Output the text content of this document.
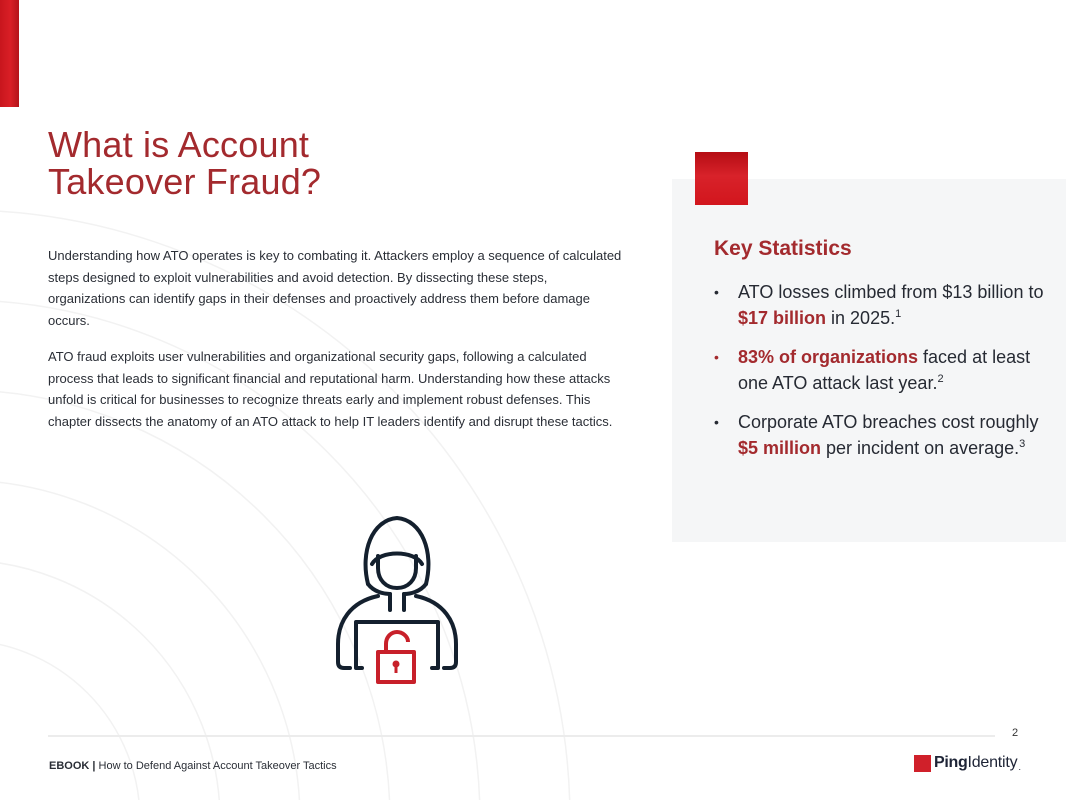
What is Account
Takeover Fraud?

Understanding how ATO operates is key to combating it. Attackers employ a sequence of calculated steps designed to exploit vulnerabilities and avoid detection. By dissecting these steps, organizations can identify gaps in their defenses and proactively address them before damage occurs.

ATO fraud exploits user vulnerabilities and organizational security gaps, following a calculated process that leads to significant financial and reputational harm. Understanding how these attacks unfold is critical for businesses to recognize threats early and implement robust defenses. This chapter dissects the anatomy of an ATO attack to help IT leaders identify and disrupt these tactics.

Key Statistics
• ATO losses climbed from $13 billion to $17 billion in 2025.$^1$
• 83% of organizations faced at least one ATO attack last year.$^2$
• Corporate ATO breaches cost roughly $5 million per incident on average.$^3$
2
EBOOK | How to Defend Against Account Takeover Tactics	Ping Identity .
